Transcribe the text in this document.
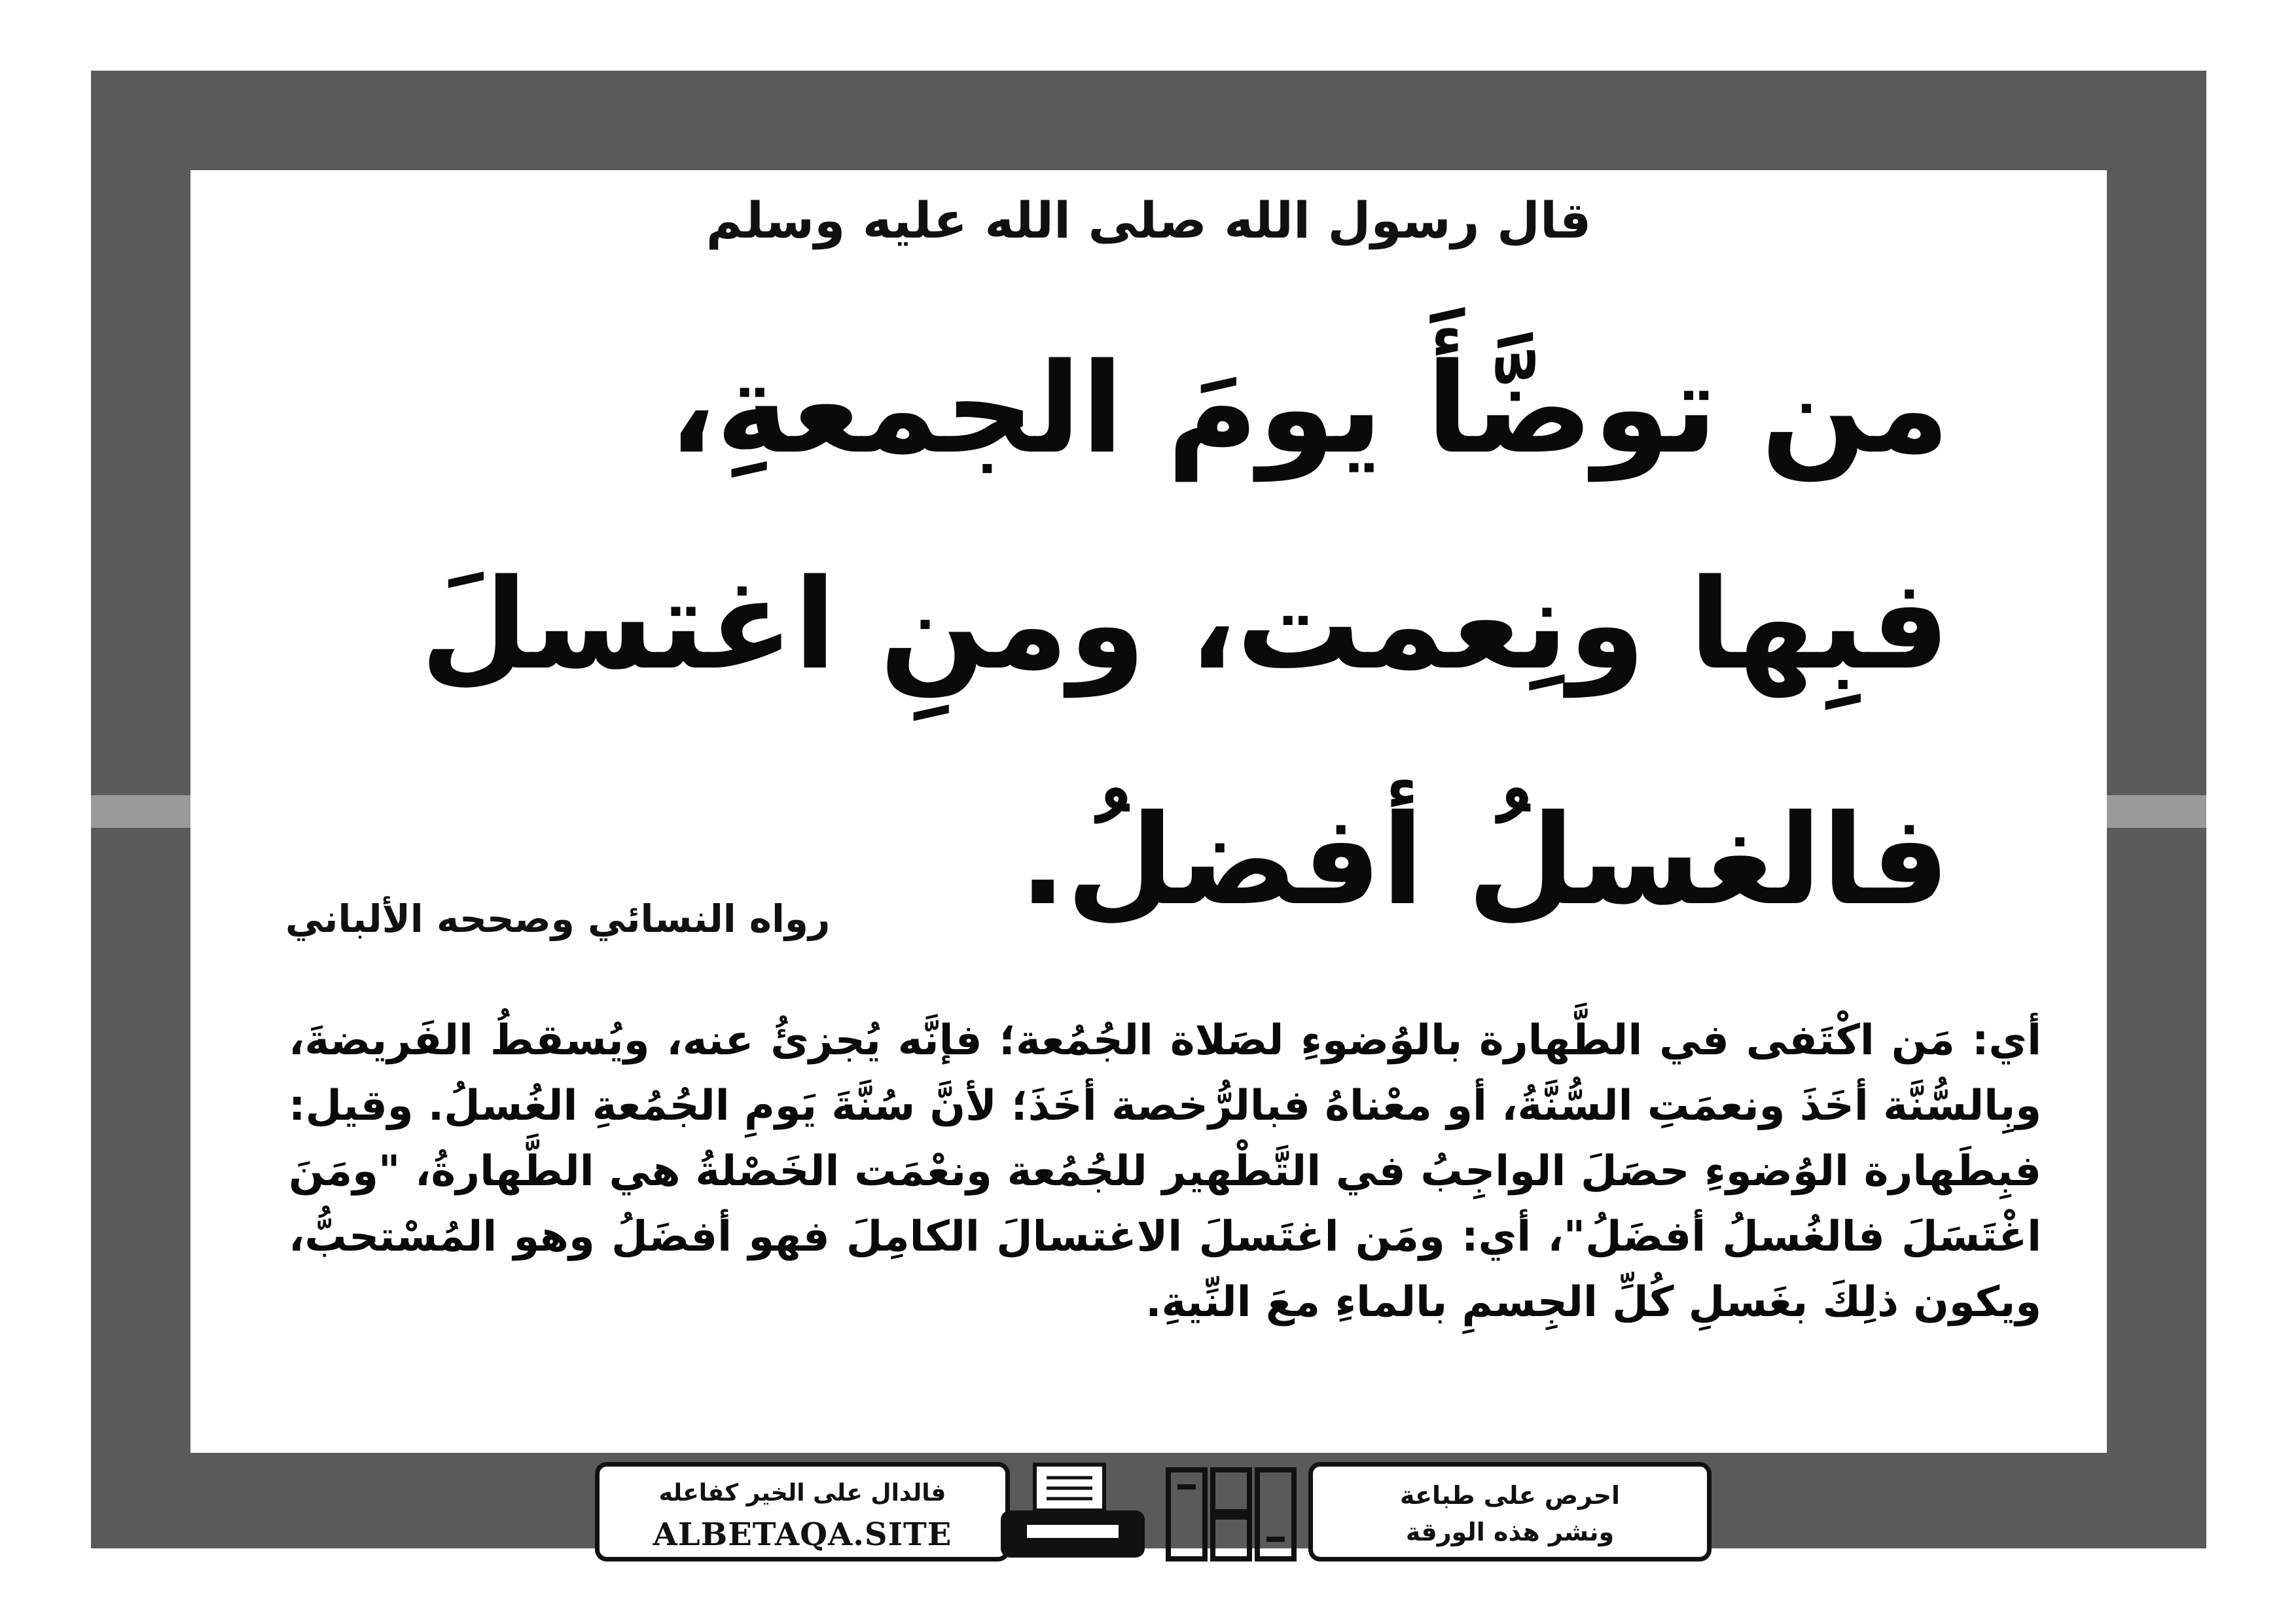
قال رسول الله صلى الله عليه وسلم
من توضَّأَ يومَ الجمعةِ،
فبِها ونِعمت، ومنِ اغتسلَ
فالغسلُ أفضلُ.
رواه النسائي وصححه الألباني
أي: مَن اكْتَفى في الطَّهارة بالوُضوءِ لصَلاة الجُمُعة؛ فإنَّه يُجزئُ عنه، ويُسقطُ الفَريضةَ، وبِالسُّنَّة أخَذَ ونعمَتِ السُّنَّةُ، أو معْناهُ فبالرُّخصة أخَذَ؛ لأنَّ سُنَّةَ يَومِ الجُمُعةِ الغُسلُ. وقيل: فبِطَهارة الوُضوءِ حصَلَ الواجِبُ في التَّطْهير للجُمُعة ونعْمَت الخَصْلةُ هي الطَّهارةُ، "ومَنَ اغْتَسَلَ فالغُسلُ أفضَلُ"، أي: ومَن اغتَسلَ الاغتسالَ الكامِلَ فهو أفضَلُ وهو المُسْتحبُّ، ويكون ذلِكَ بغَسلِ كُلِّ الجِسمِ بالماءِ معَ النِّيةِ.
فالدال على الخير كفاعله
ALBETAQA.SITE
احرص على طباعة
ونشر هذه الورقة
